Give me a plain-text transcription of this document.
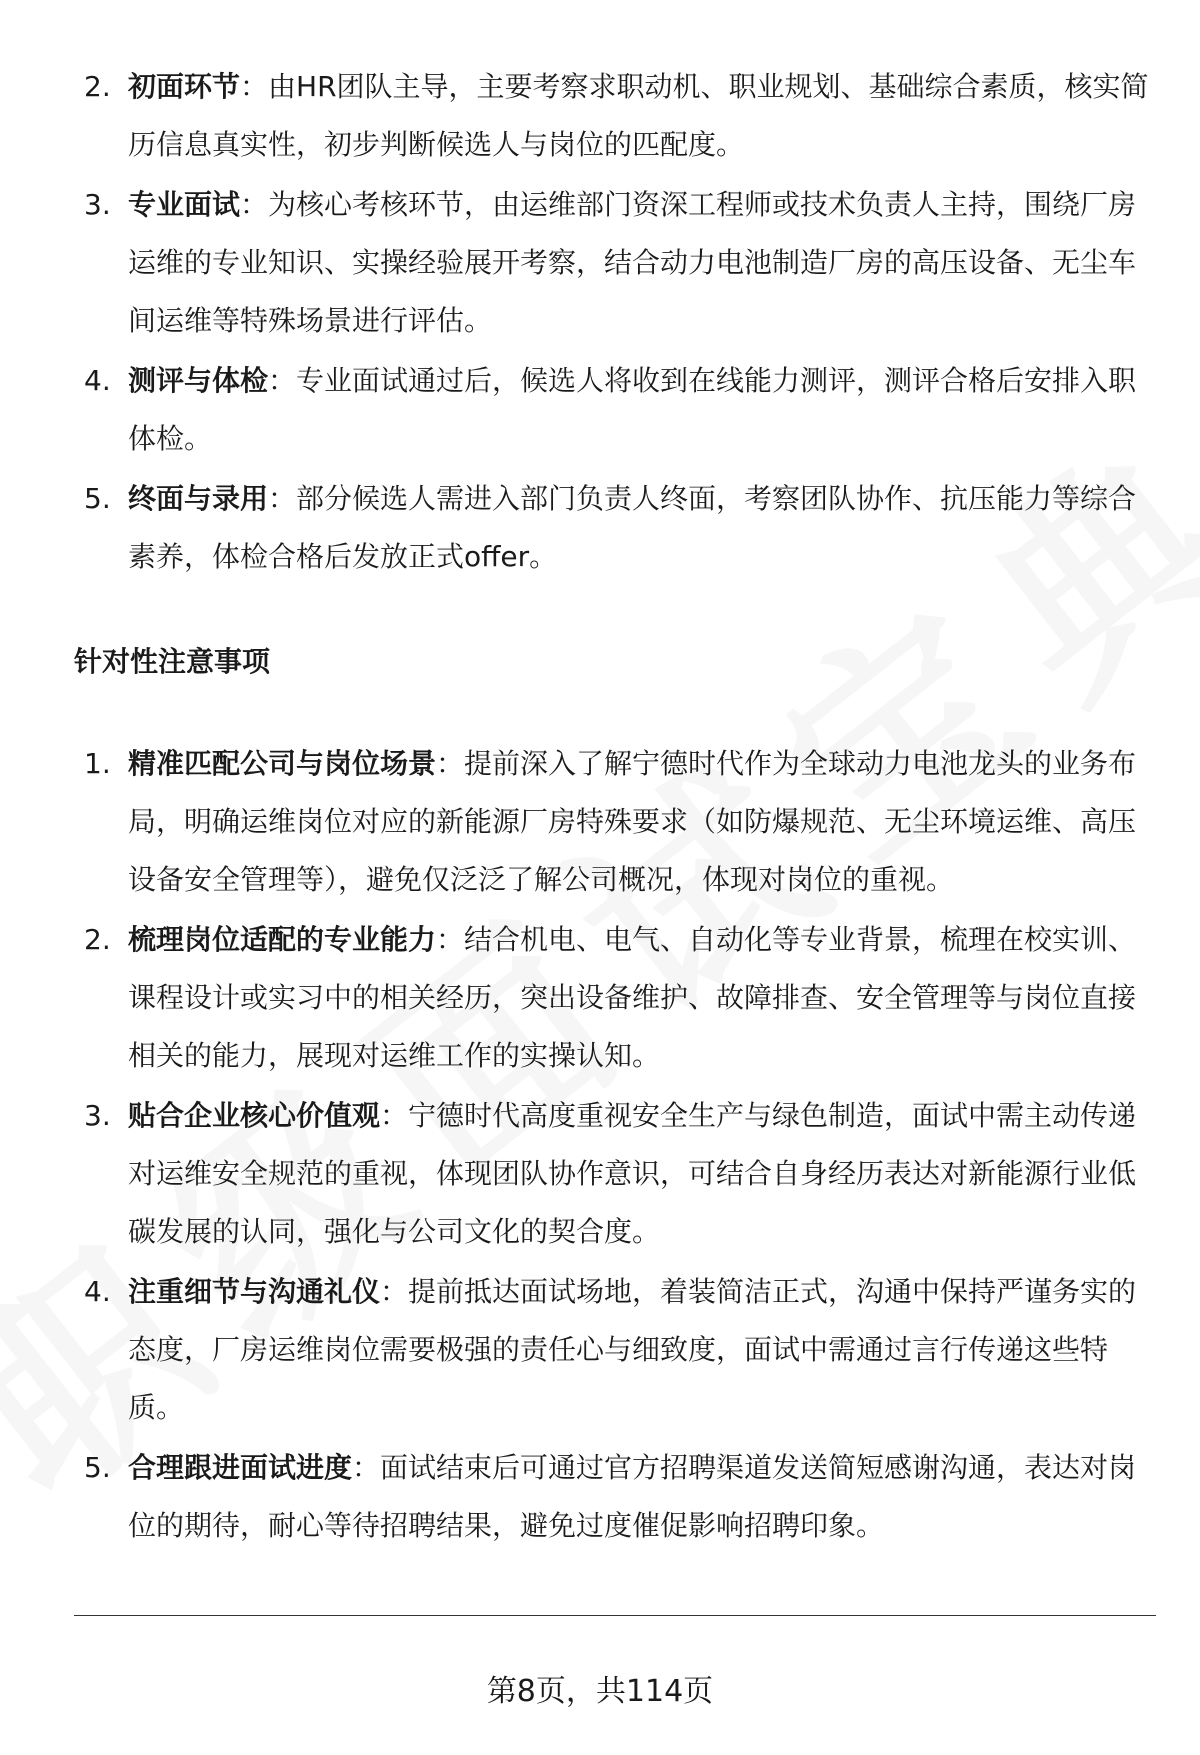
2. 初面环节：由HR团队主导，主要考察求职动机、职业规划、基础综合素质，核实简历信息真实性，初步判断候选人与岗位的匹配度。
3. 专业面试：为核心考核环节，由运维部门资深工程师或技术负责人主持，围绕厂房运维的专业知识、实操经验展开考察，结合动力电池制造厂房的高压设备、无尘车间运维等特殊场景进行评估。
4. 测评与体检：专业面试通过后，候选人将收到在线能力测评，测评合格后安排入职体检。
5. 终面与录用：部分候选人需进入部门负责人终面，考察团队协作、抗压能力等综合素养，体检合格后发放正式offer。
针对性注意事项
1. 精准匹配公司与岗位场景：提前深入了解宁德时代作为全球动力电池龙头的业务布局，明确运维岗位对应的新能源厂房特殊要求（如防爆规范、无尘环境运维、高压设备安全管理等），避免仅泛泛了解公司概况，体现对岗位的重视。
2. 梳理岗位适配的专业能力：结合机电、电气、自动化等专业背景，梳理在校实训、课程设计或实习中的相关经历，突出设备维护、故障排查、安全管理等与岗位直接相关的能力，展现对运维工作的实操认知。
3. 贴合企业核心价值观：宁德时代高度重视安全生产与绿色制造，面试中需主动传递对运维安全规范的重视，体现团队协作意识，可结合自身经历表达对新能源行业低碳发展的认同，强化与公司文化的契合度。
4. 注重细节与沟通礼仪：提前抵达面试场地，着装简洁正式，沟通中保持严谨务实的态度，厂房运维岗位需要极强的责任心与细致度，面试中需通过言行传递这些特质。
5. 合理跟进面试进度：面试结束后可通过官方招聘渠道发送简短感谢沟通，表达对岗位的期待，耐心等待招聘结果，避免过度催促影响招聘印象。
第8页，共114页
